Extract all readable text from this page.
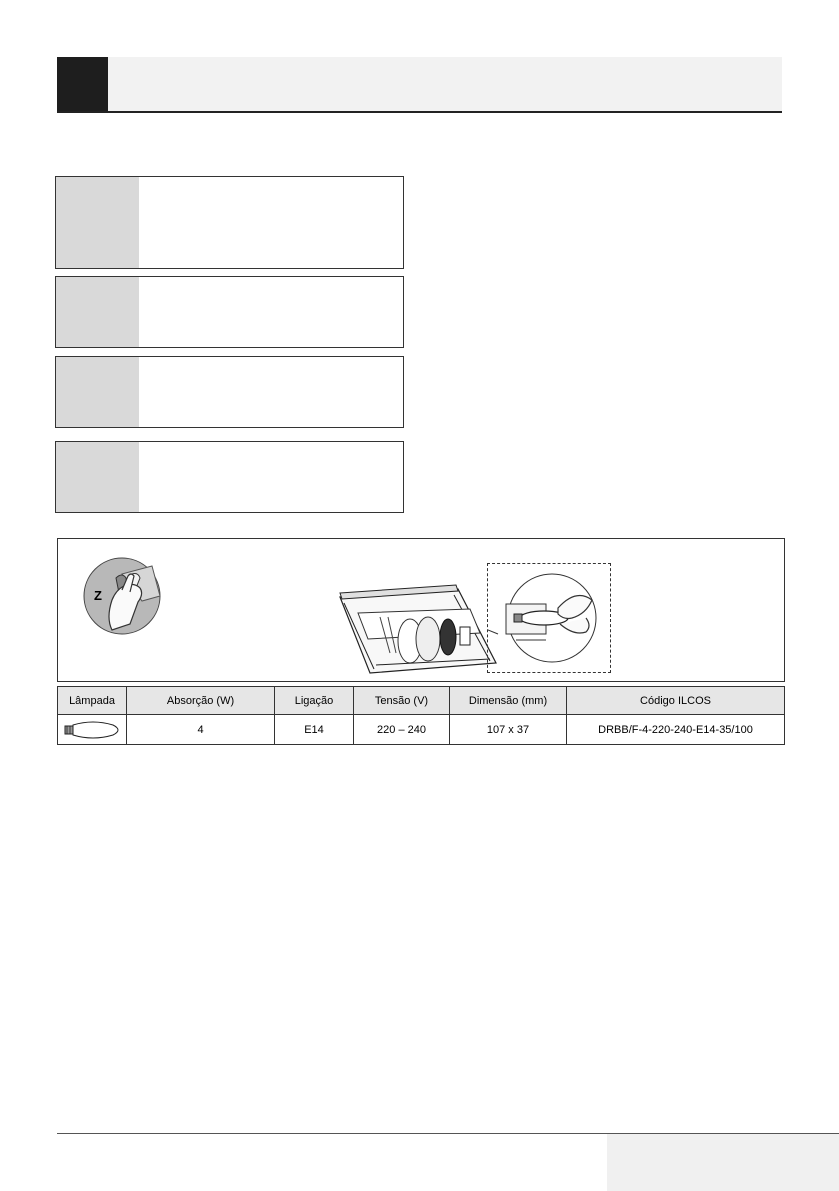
Z
Lâmpada	Absorção (W)	Ligação	Tensão (V)	Dimensão (mm)	Código ILCOS

	4	E14	220 – 240	107 x 37	DRBB/F-4-220-240-E14-35/100
